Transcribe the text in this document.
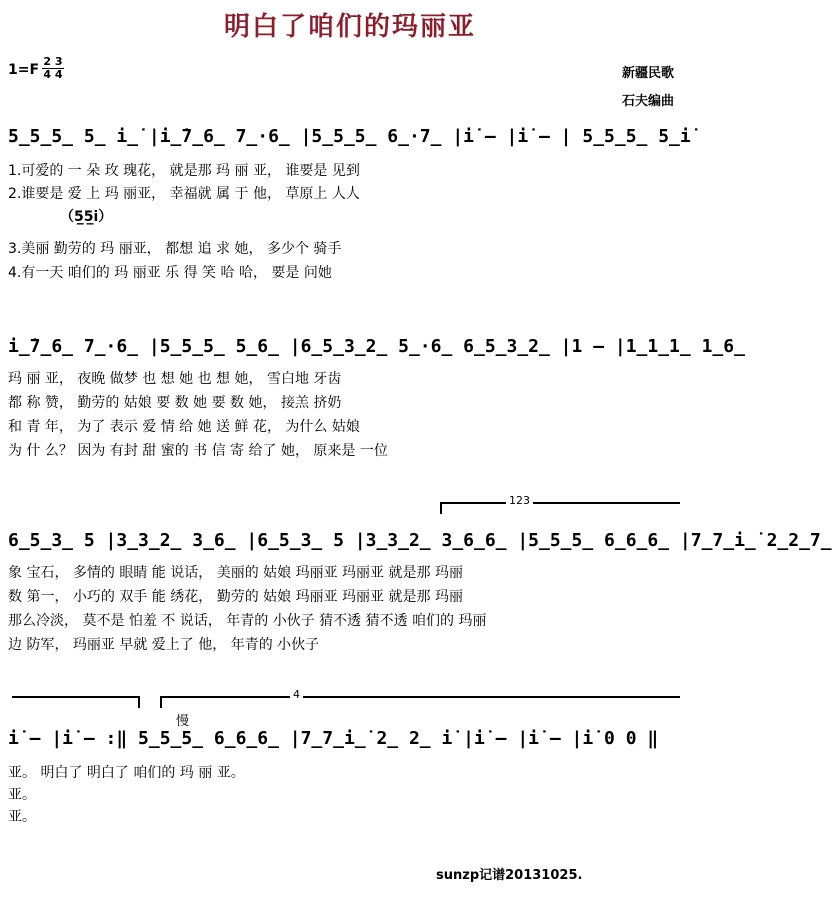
明白了咱们的玛丽亚
1=F
2 3
4 4	新疆民歌
石夫编曲
5̲5̲5̲ 5̲ i̲̇ |i̲̇7̲6̲ 7̲·6̲ |5̲5̲5̲ 6̲·7̲ |i̇ – |i̇ – | 5̲5̲5̲ 5̲i̇
1.可爱的 一 朵 玫 瑰花， 就是那 玛 丽 亚， 谁要是 见到
2.谁要是 爱 上 玛 丽亚， 幸福就 属 于 他， 草原上 人人
（5̲5̲i̇）
3.美丽 勤劳的 玛 丽亚， 都想 追 求 她， 多少个 骑手
4.有一天 咱们的 玛 丽亚 乐 得 笑 哈 哈， 要是 问她
i̲̇7̲6̲ 7̲·6̲ |5̲5̲5̲ 5̲6̲ |6̲5̲3̲2̲ 5̲·6̲ 6̲5̲3̲2̲ |1 – |1̲1̲1̲ 1̲6̲
玛 丽 亚， 夜晚 做梦 也 想 她 也 想 她， 雪白地 牙齿
都 称 赞， 勤劳的 姑娘 要 数 她 要 数 她， 接羔 挤奶
和 青 年， 为了 表示 爱 情 给 她 送 鲜 花， 为什么 姑娘
为 什 么？ 因为 有封 甜 蜜的 书 信 寄 给了 她， 原来是 一位
123
6̲5̲3̲ 5 |3̲3̲2̲ 3̲6̲ |6̲5̲3̲ 5 |3̲3̲2̲ 3̲6̲6̲ |5̲5̲5̲ 6̲6̲6̲ |7̲7̲i̲̇ 2̲2̲7̲
象 宝石， 多情的 眼睛 能 说话， 美丽的 姑娘 玛丽亚 玛丽亚 就是那 玛丽
数 第一， 小巧的 双手 能 绣花， 勤劳的 姑娘 玛丽亚 玛丽亚 就是那 玛丽
那么冷淡， 莫不是 怕羞 不 说话， 年青的 小伙子 猜不透 猜不透 咱们的 玛丽
边 防军， 玛丽亚 早就 爱上了 他， 年青的 小伙子
4
慢
i̇ – |i̇ – :‖ 5̲5̲5̲ 6̲6̲6̲ |7̲7̲i̲̇ 2̲ 2̲ i̇ |i̇ – |i̇ – |i̇ 0 0 ‖
亚。 明白了 明白了 咱们的 玛 丽 亚。
亚。
亚。
sunzp记谱20131025.
